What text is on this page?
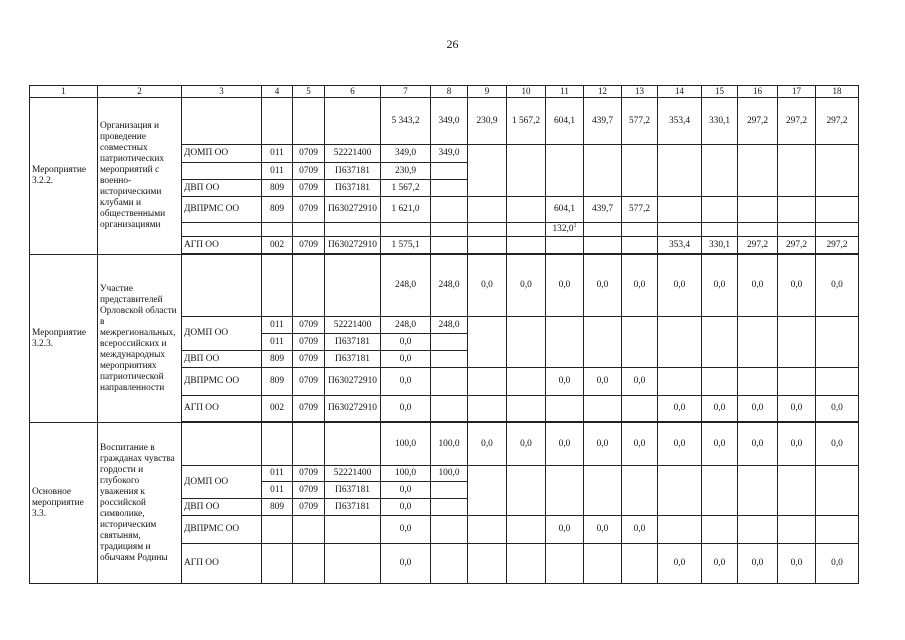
26
1	2	3	4	5	6	7	8	9	10	11	12	13	14	15	16	17	18
Мероприятие 3.2.2.	Организация и проведение совместных патриотических мероприятий с военно-историческими клубами и общественными организациями					5 343,2	349,0	230,9	1 567,2	604,1	439,7	577,2	353,4	330,1	297,2	297,2	297,2
		ДОМП ОО	011	0709	52221400	349,0	349,0										
			011	0709	П637181	230,9											
		ДВП ОО	809	0709	П637181	1 567,2											
		ДВПРМС ОО	809	0709	П630272910	1 621,0				604,1	439,7	577,2					
										132,0$^1$							
		АГП ОО	002	0709	П630272910	1 575,1							353,4	330,1	297,2	297,2	297,2

Мероприятие 3.2.3.	Участие представителей Орловской области в межрегиональных, всероссийских и международных мероприятиях патриотической направленности					248,0	248,0	0,0	0,0	0,0	0,0	0,0	0,0	0,0	0,0	0,0	0,0
		ДОМП ОО	011	0709	52221400	248,0	248,0										
			011	0709	П637181	0,0											
		ДВП ОО	809	0709	П637181	0,0											
		ДВПРМС ОО	809	0709	П630272910	0,0				0,0	0,0	0,0					
		АГП ОО	002	0709	П630272910	0,0							0,0	0,0	0,0	0,0	0,0

Основное мероприятие 3.3.	Воспитание в гражданах чувства гордости и глубокого уважения к российской символике, историческим святыням, традициям и обычаям Родины					100,0	100,0	0,0	0,0	0,0	0,0	0,0	0,0	0,0	0,0	0,0	0,0
		ДОМП ОО	011	0709	52221400	100,0	100,0										
			011	0709	П637181	0,0											
		ДВП ОО	809	0709	П637181	0,0											
		ДВПРМС ОО				0,0				0,0	0,0	0,0					
		АГП ОО				0,0							0,0	0,0	0,0	0,0	0,0
